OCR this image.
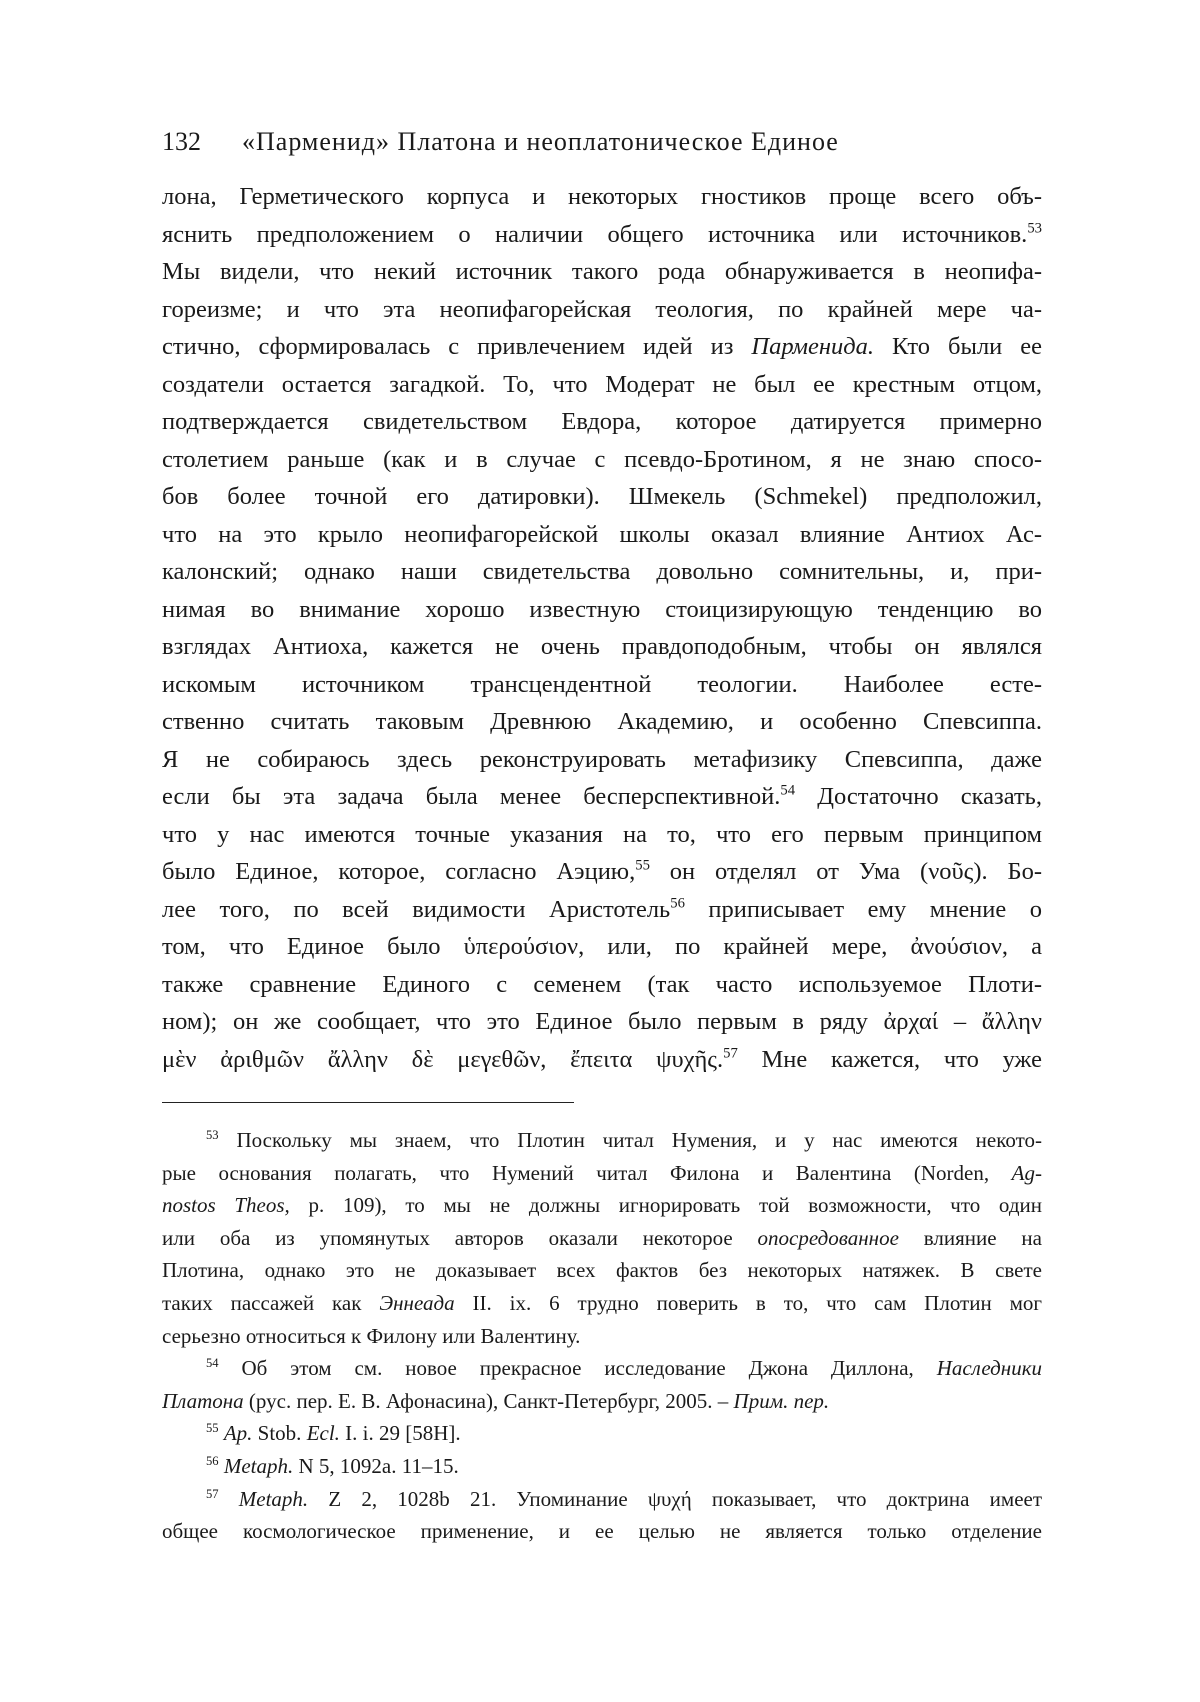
132 «Парменид» Платона и неоплатоническое Единое
лона, Герметического корпуса и некоторых гностиков проще всего объ-
яснить предположением о наличии общего источника или источников.$^{53}$
Мы видели, что некий источник такого рода обнаруживается в неопифа-
гореизме; и что эта неопифагорейская теология, по крайней мере ча-
стично, сформировалась с привлечением идей из Парменида. Кто были ее
создатели остается загадкой. То, что Модерат не был ее крестным отцом,
подтверждается свидетельством Евдора, которое датируется примерно
столетием раньше (как и в случае с псевдо-Бротином, я не знаю спосо-
бов более точной его датировки). Шмекель (Schmekel) предположил,
что на это крыло неопифагорейской школы оказал влияние Антиох Ас-
калонский; однако наши свидетельства довольно сомнительны, и, при-
нимая во внимание хорошо известную стоицизирующую тенденцию во
взглядах Антиоха, кажется не очень правдоподобным, чтобы он являлся
искомым источником трансцендентной теологии. Наиболее есте-
ственно считать таковым Древнюю Академию, и особенно Спевсиппа.
Я не собираюсь здесь реконструировать метафизику Спевсиппа, даже
если бы эта задача была менее бесперспективной.$^{54}$ Достаточно сказать,
что у нас имеются точные указания на то, что его первым принципом
было Единое, которое, согласно Аэцию,$^{55}$ он отделял от Ума (νοῦς). Бо-
лее того, по всей видимости Аристотель$^{56}$ приписывает ему мнение о
том, что Единое было ὑπερούσιον, или, по крайней мере, ἀνούσιον, а
также сравнение Единого с семенем (так часто используемое Плоти-
ном); он же сообщает, что это Единое было первым в ряду ἀρχαί – ἄλλην
μὲν ἀριθμῶν ἄλλην δὲ μεγεθῶν, ἔπειτα ψυχῆς.$^{57}$ Мне кажется, что уже
$^{53}$ Поскольку мы знаем, что Плотин читал Нумения, и у нас имеются некото-
рые основания полагать, что Нумений читал Филона и Валентина (Norden, Ag-
nostos Theos, p. 109), то мы не должны игнорировать той возможности, что один
или оба из упомянутых авторов оказали некоторое опосредованное влияние на
Плотина, однако это не доказывает всех фактов без некоторых натяжек. В свете
таких пассажей как Эннеада II. ix. 6 трудно поверить в то, что сам Плотин мог
серьезно относиться к Филону или Валентину.
$^{54}$ Об этом см. новое прекрасное исследование Джона Диллона, Наследники
Платона (рус. пер. Е. В. Афонасина), Санкт-Петербург, 2005. – Прим. пер.
$^{55}$ Ap. Stob. Ecl. I. i. 29 [58H].
$^{56}$ Metaph. N 5, 1092a. 11–15.
$^{57}$ Metaph. Z 2, 1028b 21. Упоминание ψυχή показывает, что доктрина имеет
общее космологическое применение, и ее целью не является только отделение
